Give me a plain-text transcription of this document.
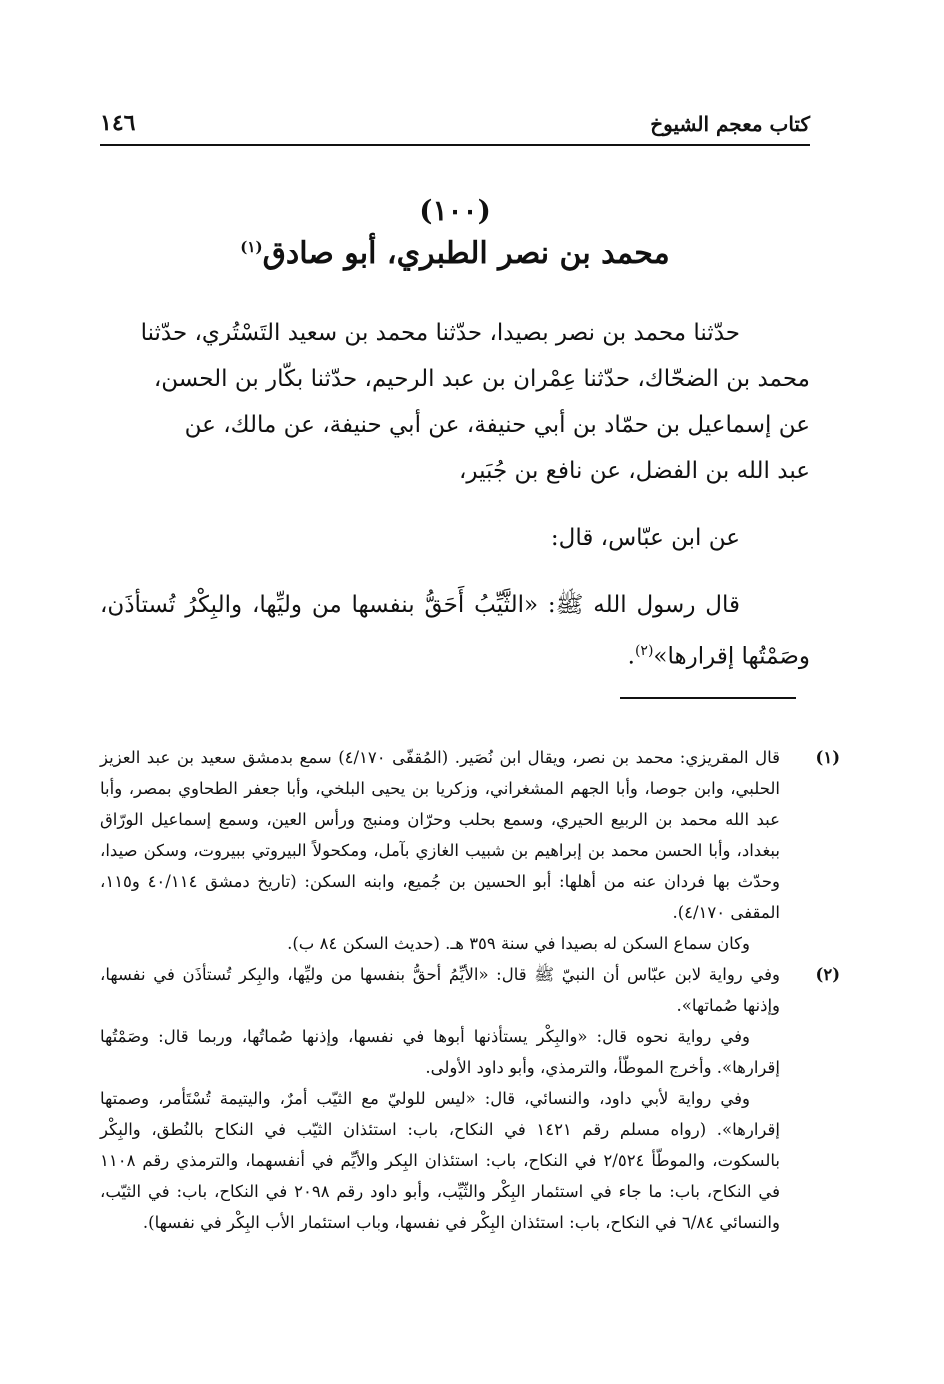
كتاب معجم الشيوخ
١٤٦
(١٠٠)
محمد بن نصر الطبري، أبو صادق$^{(١)}$
حدّثنا محمد بن نصر بصيدا، حدّثنا محمد بن سعيد التَسْتُري، حدّثنا
محمد بن الضحّاك، حدّثنا عِمْران بن عبد الرحيم، حدّثنا بكّار بن الحسن،
عن إسماعيل بن حمّاد بن أبي حنيفة، عن أبي حنيفة، عن مالك، عن
عبد الله بن الفضل، عن نافع بن جُبَير،
عن ابن عبّاس، قال:
قال رسول الله ﷺ: «الثَّيِّبُ أَحَقُّ بنفسها من وليِّها، والبِكْرُ تُستأذَن، وصَمْتُها إقرارها»$^{(٢)}$.

(١)قال المقريزي: محمد بن نصر، ويقال ابن نُصَير. (المُقفّى ٤/١٧٠) سمع بدمشق سعيد بن عبد العزيز الحلبي، وابن جوصا، وأبا الجهم المشغراني، وزكريا بن يحيى البلخي، وأبا جعفر الطحاوي بمصر، وأبا عبد الله محمد بن الربيع الحيري، وسمع بحلب وحرّان ومنبج ورأس العين، وسمع إسماعيل الورّاق ببغداد، وأبا الحسن محمد بن إبراهيم بن شبيب الغازي بآمل، ومكحولاً البيروتي ببيروت، وسكن صيدا، وحدّث بها فردان عنه من أهلها: أبو الحسين بن جُميع، وابنه السكن: (تاريخ دمشق ٤٠/١١٤ و١١٥، المقفى ٤/١٧٠).

وكان سماع السكن له بصيدا في سنة ٣٥٩ هـ. (حديث السكن ٨٤ ب).

(٢)وفي رواية لابن عبّاس أن النبيّ ﷺ قال: «الأيِّمُ أحقُّ بنفسها من وليِّها، والبِكر تُستأذَن في نفسها، وإذنها صُماتها».

وفي رواية نحوه قال: «والبِكْر يستأذنها أبوها في نفسها، وإذنها صُماتُها، وربما قال: وصَمْتُها إقرارها». وأخرج الموطّأ، والترمذي، وأبو داود الأولى.

وفي رواية لأبي داود، والنسائي، قال: «ليس للوليّ مع الثيّب أمرٌ، واليتيمة تُسْتَأمر، وصمتها إقرارها». (رواه مسلم رقم ١٤٢١ في النكاح، باب: استئذان الثيّب في النكاح بالنُطق، والبِكْر بالسكوت، والموطّأ ٢/٥٢٤ في النكاح، باب: استئذان البِكر والأيِّم في أنفسهما، والترمذي رقم ١١٠٨ في النكاح، باب: ما جاء في استئمار البِكْر والثّيِّب، وأبو داود رقم ٢٠٩٨ في النكاح، باب: في الثيّب، والنسائي ٦/٨٤ في النكاح، باب: استئذان البِكْر في نفسها، وباب استئمار الأب البِكْر في نفسها).
